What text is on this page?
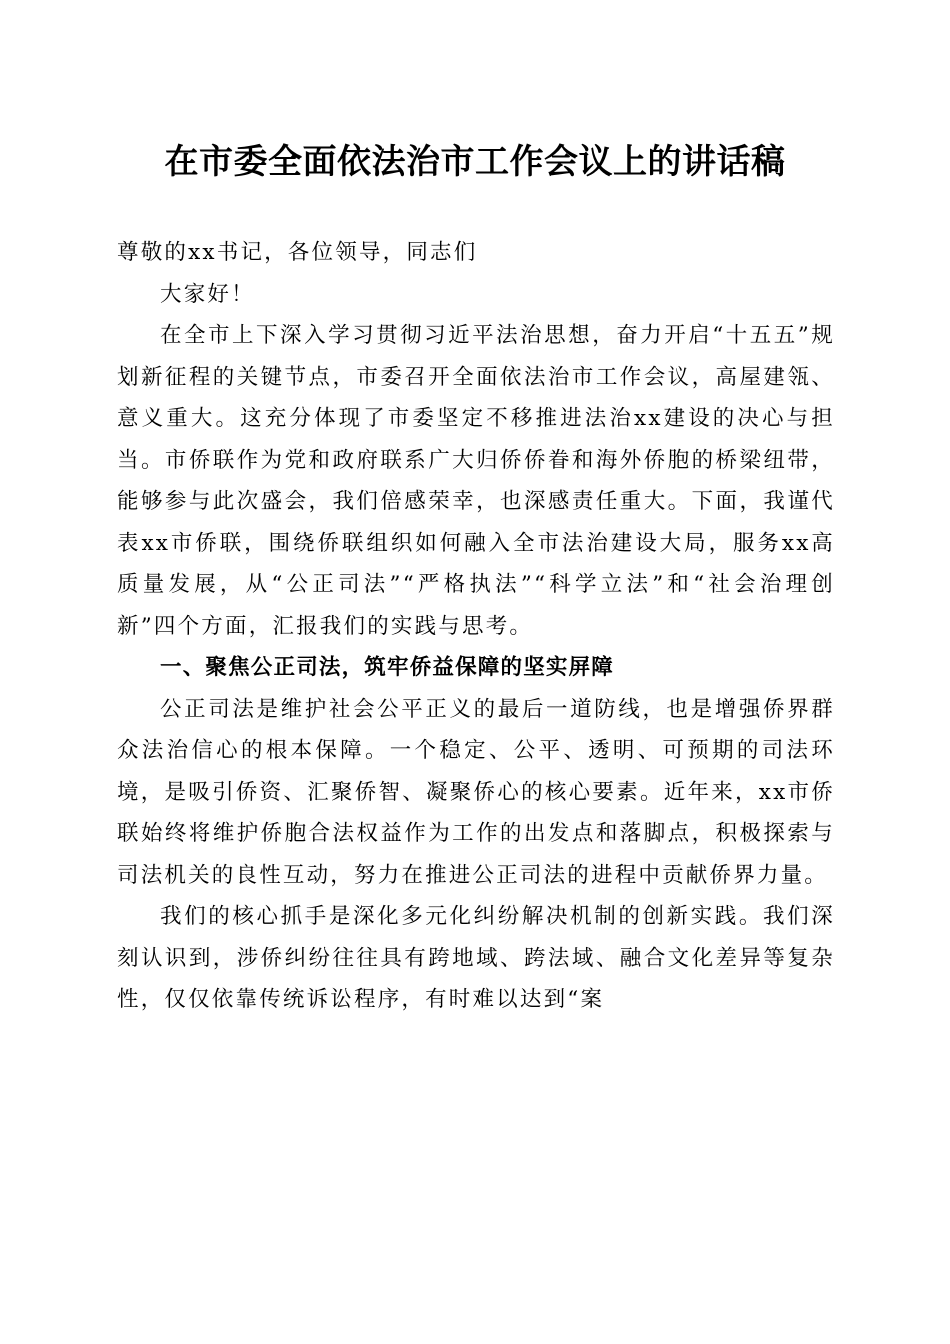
在市委全面依法治市工作会议上的讲话稿

尊敬的xx书记，各位领导，同志们

大家好！

在全市上下深入学习贯彻习近平法治思想，奋力开启“十五五”规划新征程的关键节点，市委召开全面依法治市工作会议，高屋建瓴、意义重大。这充分体现了市委坚定不移推进法治xx建设的决心与担当。市侨联作为党和政府联系广大归侨侨眷和海外侨胞的桥梁纽带，能够参与此次盛会，我们倍感荣幸，也深感责任重大。下面，我谨代表xx市侨联，围绕侨联组织如何融入全市法治建设大局，服务xx高质量发展，从“公正司法”“严格执法”“科学立法”和“社会治理创新”四个方面，汇报我们的实践与思考。

一、聚焦公正司法，筑牢侨益保障的坚实屏障

公正司法是维护社会公平正义的最后一道防线，也是增强侨界群众法治信心的根本保障。一个稳定、公平、透明、可预期的司法环境，是吸引侨资、汇聚侨智、凝聚侨心的核心要素。近年来，xx市侨联始终将维护侨胞合法权益作为工作的出发点和落脚点，积极探索与司法机关的良性互动，努力在推进公正司法的进程中贡献侨界力量。

我们的核心抓手是深化多元化纠纷解决机制的创新实践。我们深刻认识到，涉侨纠纷往往具有跨地域、跨法域、融合文化差异等复杂性，仅仅依靠传统诉讼程序，有时难以达到“案
